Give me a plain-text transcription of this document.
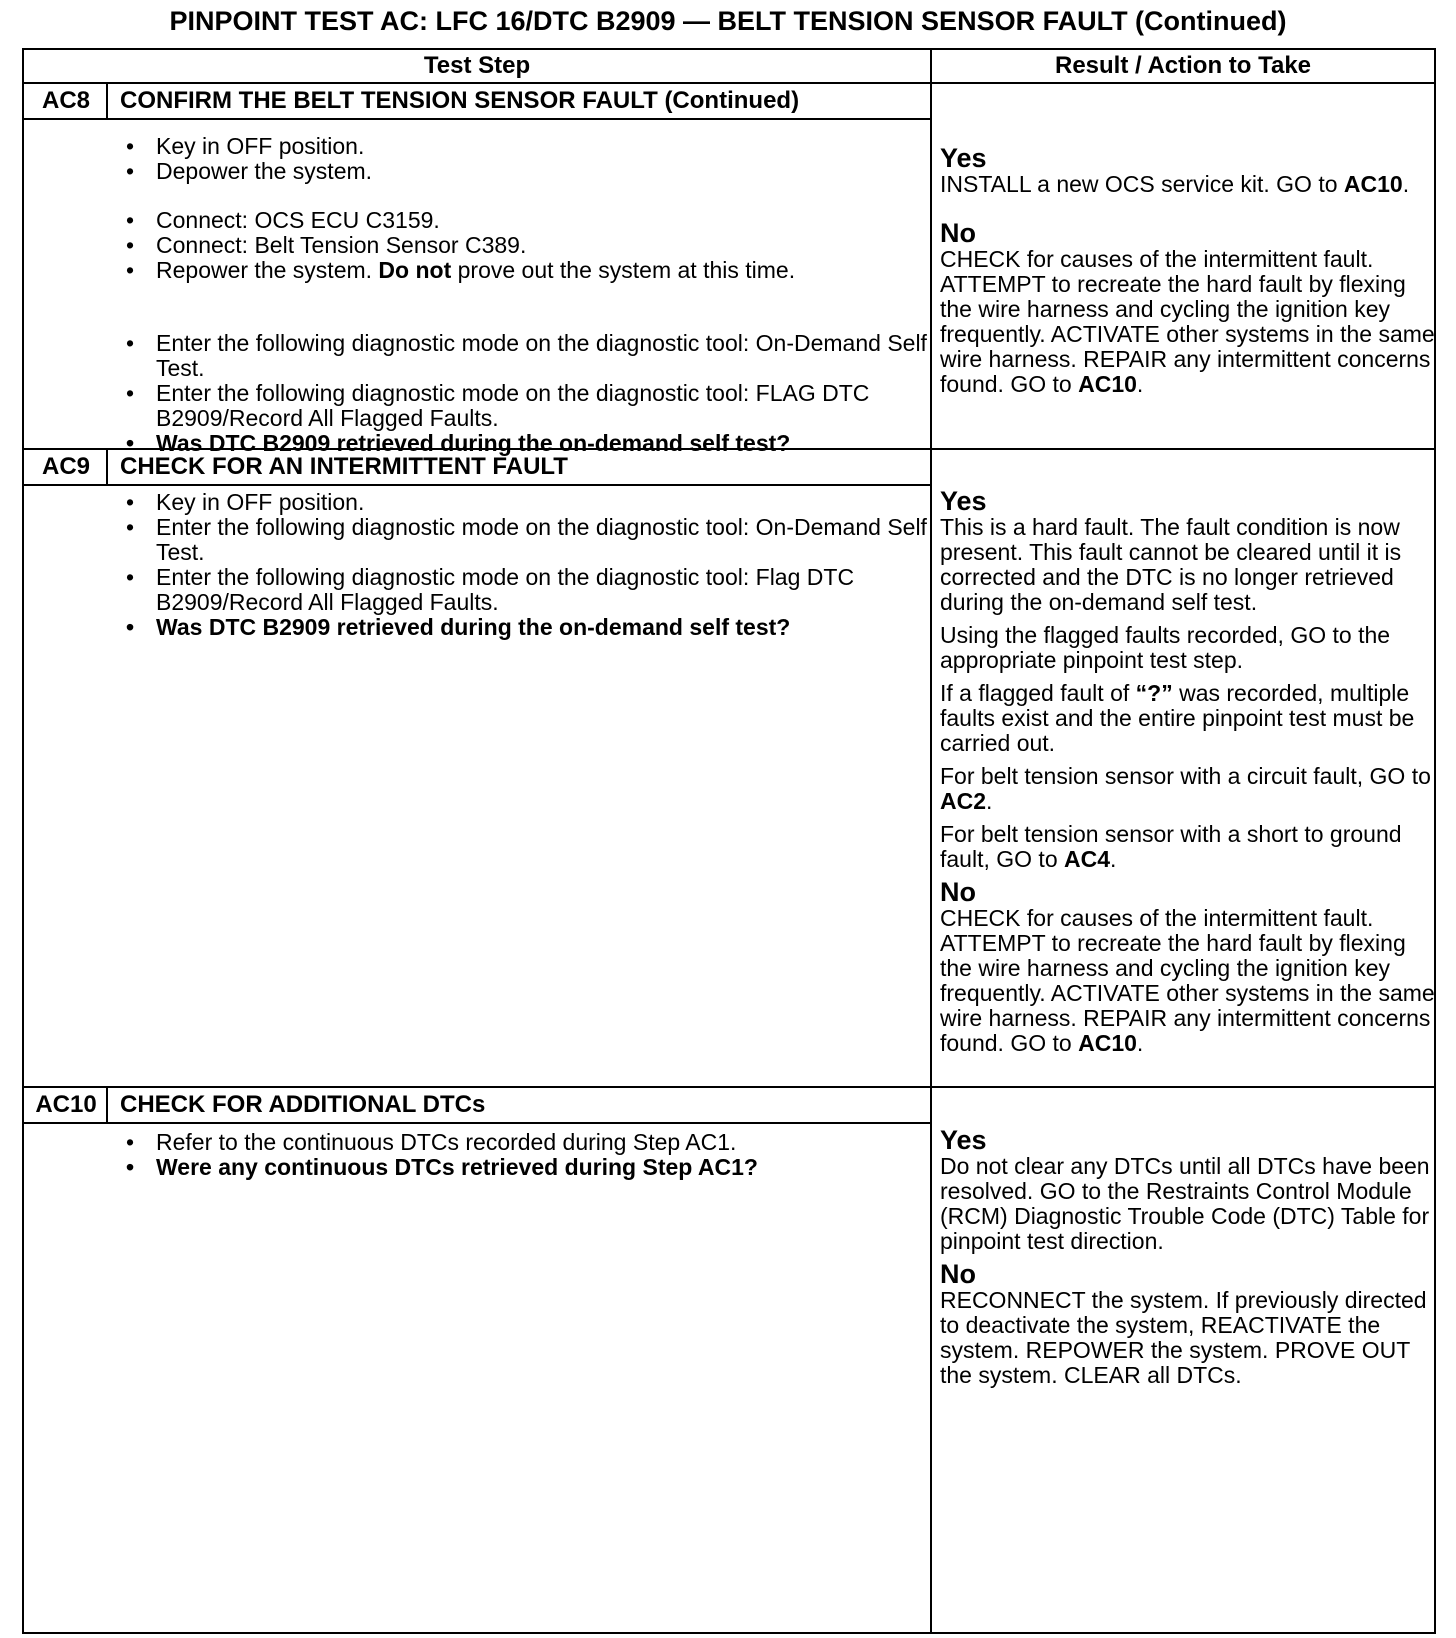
PINPOINT TEST AC: LFC 16/DTC B2909 — BELT TENSION SENSOR FAULT (Continued)
Test Step	Result / Action to Take
AC8	CONFIRM THE BELT TENSION SENSOR FAULT (Continued)
• Key in OFF position.
• Depower the system.
• Connect: OCS ECU C3159.
• Connect: Belt Tension Sensor C389.
• Repower the system. Do not prove out the system at this time.
• Enter the following diagnostic mode on the diagnostic tool: On-Demand Self Test.
• Enter the following diagnostic mode on the diagnostic tool: FLAG DTC B2909/Record All Flagged Faults.
• Was DTC B2909 retrieved during the on-demand self test?
Yes

INSTALL a new OCS service kit. GO to AC10.

No

CHECK for causes of the intermittent fault. ATTEMPT to recreate the hard fault by flexing the wire harness and cycling the ignition key frequently. ACTIVATE other systems in the same wire harness. REPAIR any intermittent concerns found. GO to AC10.

AC9	CHECK FOR AN INTERMITTENT FAULT
• Key in OFF position.
• Enter the following diagnostic mode on the diagnostic tool: On-Demand Self Test.
• Enter the following diagnostic mode on the diagnostic tool: Flag DTC B2909/Record All Flagged Faults.
• Was DTC B2909 retrieved during the on-demand self test?
Yes

This is a hard fault. The fault condition is now present. This fault cannot be cleared until it is corrected and the DTC is no longer retrieved during the on-demand self test.

Using the flagged faults recorded, GO to the appropriate pinpoint test step.

If a flagged fault of “?” was recorded, multiple faults exist and the entire pinpoint test must be carried out.

For belt tension sensor with a circuit fault, GO to AC2.

For belt tension sensor with a short to ground fault, GO to AC4.

No

CHECK for causes of the intermittent fault. ATTEMPT to recreate the hard fault by flexing the wire harness and cycling the ignition key frequently. ACTIVATE other systems in the same wire harness. REPAIR any intermittent concerns found. GO to AC10.

AC10 CHECK FOR ADDITIONAL DTCs
• Refer to the continuous DTCs recorded during Step AC1.
• Were any continuous DTCs retrieved during Step AC1?
Yes

Do not clear any DTCs until all DTCs have been resolved. GO to the Restraints Control Module (RCM) Diagnostic Trouble Code (DTC) Table for pinpoint test direction.

No

RECONNECT the system. If previously directed to deactivate the system, REACTIVATE the system. REPOWER the system. PROVE OUT the system. CLEAR all DTCs.
